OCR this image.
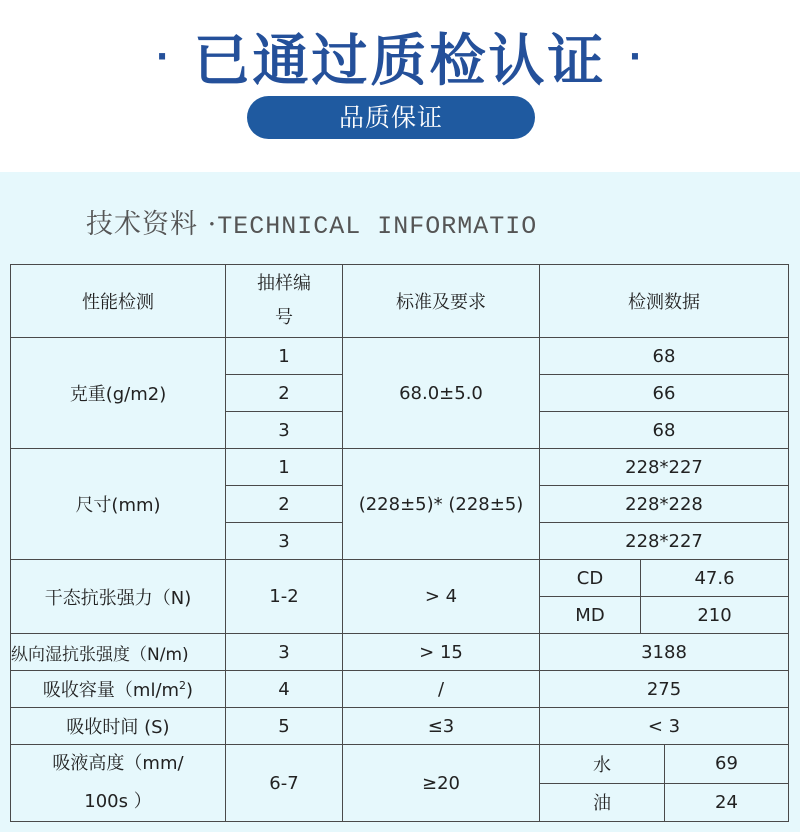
· 已通过质检认证 ·
品质保证
技术资料 ·TECHNICAL INFORMATIO
性能检测	抽样编号	标准及要求	检测数据		
克重(g/m2)	1	68.0±5.0	68		
	2		66		
	3		68		
尺寸(mm)	1	(228±5)* (228±5)	228*227		
	2		228*228		
	3		228*227		
干态抗张强力（N)	1-2	> 4	CD	47.6	
			MD	210	
纵向湿抗张强度（N/m)	3	> 15	3188		
吸收容量$(ml/m^2)$	4	/	275		
吸收时间 (S)	5	≤3	< 3		
吸液高度（mm/
100s ）	6-7	≥20	水		69
			油		24
